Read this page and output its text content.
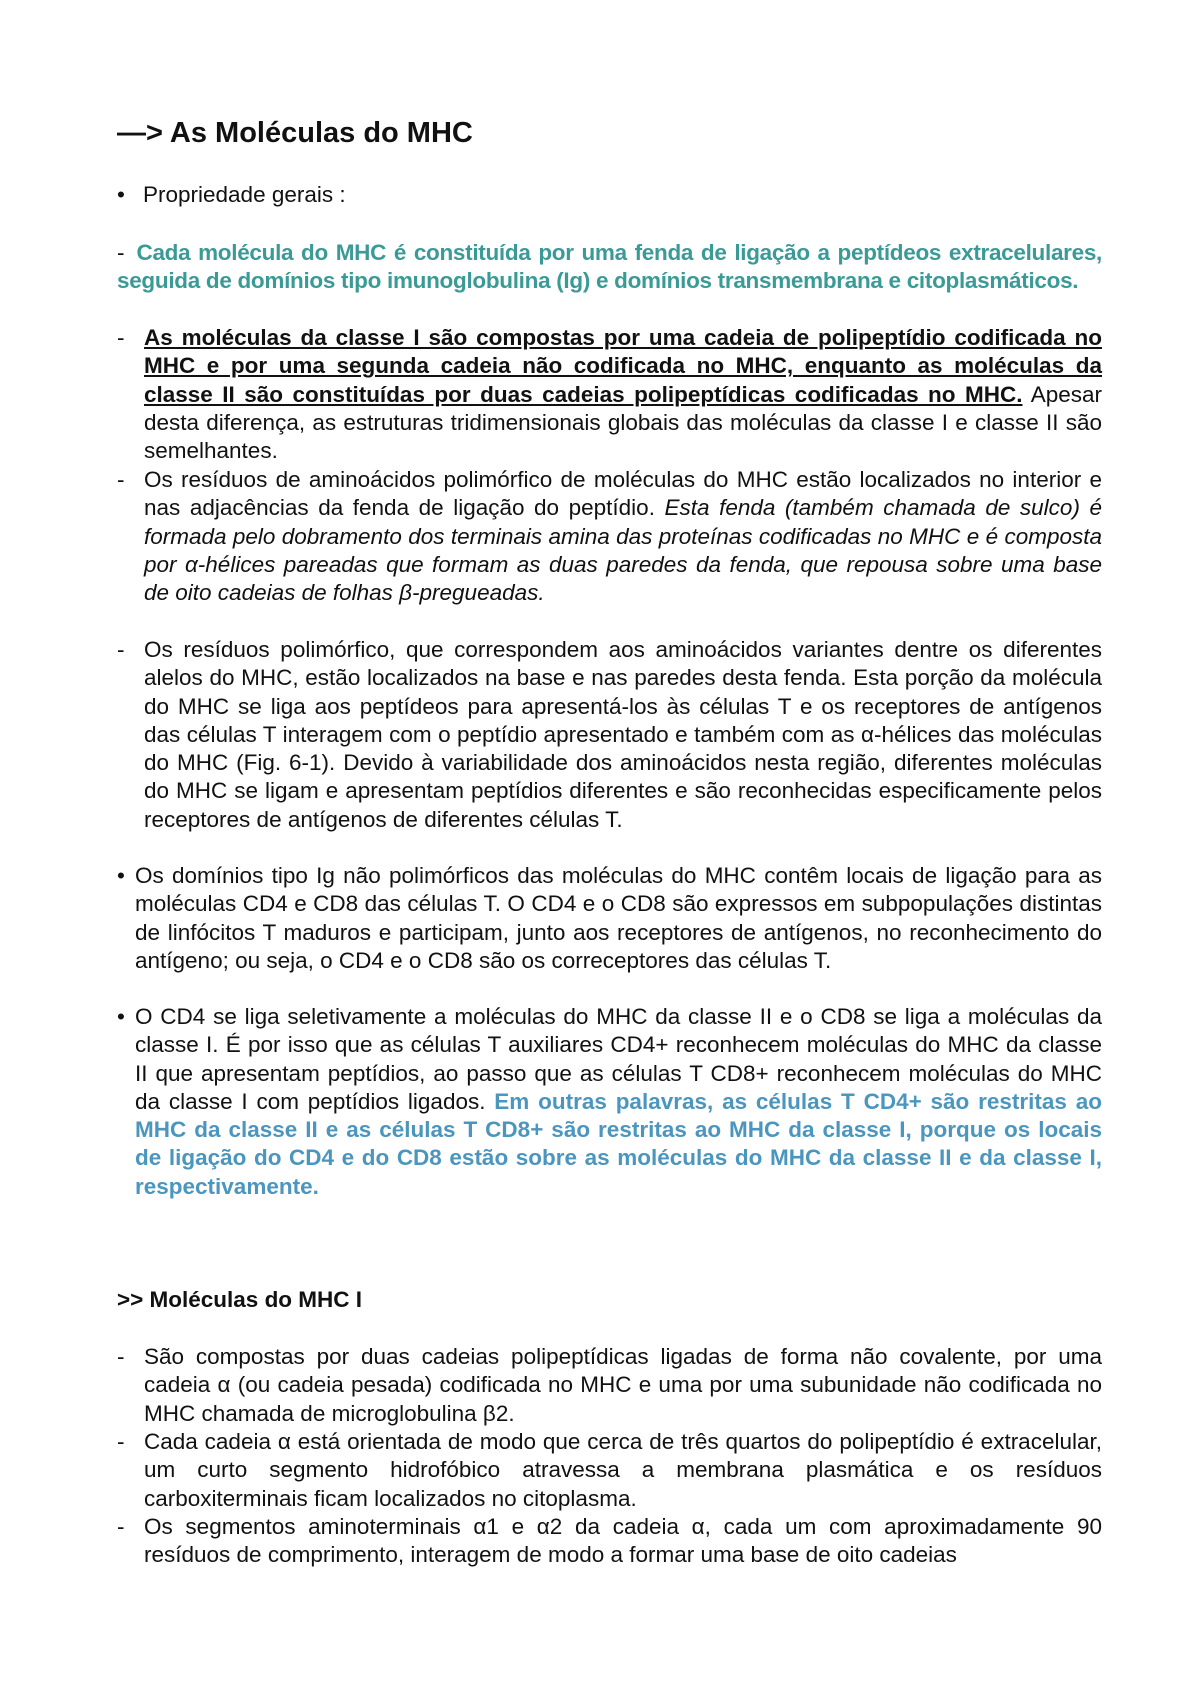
—> As Moléculas do MHC
• Propriedade gerais :
- Cada molécula do MHC é constituída por uma fenda de ligação a peptídeos extracelulares, seguida de domínios tipo imunoglobulina (Ig) e domínios transmembrana e citoplasmáticos.
- As moléculas da classe I são compostas por uma cadeia de polipeptídio codificada no MHC e por uma segunda cadeia não codificada no MHC, enquanto as moléculas da classe II são constituídas por duas cadeias polipeptídicas codificadas no MHC. Apesar desta diferença, as estruturas tridimensionais globais das moléculas da classe I e classe II são semelhantes.
- Os resíduos de aminoácidos polimórfico de moléculas do MHC estão localizados no interior e nas adjacências da fenda de ligação do peptídio. Esta fenda (também chamada de sulco) é formada pelo dobramento dos terminais amina das proteínas codificadas no MHC e é composta por α-hélices pareadas que formam as duas paredes da fenda, que repousa sobre uma base de oito cadeias de folhas β-pregueadas.
- Os resíduos polimórfico, que correspondem aos aminoácidos variantes dentre os diferentes alelos do MHC, estão localizados na base e nas paredes desta fenda. Esta porção da molécula do MHC se liga aos peptídeos para apresentá-los às células T e os receptores de antígenos das células T interagem com o peptídio apresentado e também com as α-hélices das moléculas do MHC (Fig. 6-1). Devido à variabilidade dos aminoácidos nesta região, diferentes moléculas do MHC se ligam e apresentam peptídios diferentes e são reconhecidas especificamente pelos receptores de antígenos de diferentes células T.
• Os domínios tipo Ig não polimórficos das moléculas do MHC contêm locais de ligação para as moléculas CD4 e CD8 das células T. O CD4 e o CD8 são expressos em subpopulações distintas de linfócitos T maduros e participam, junto aos receptores de antígenos, no reconhecimento do antígeno; ou seja, o CD4 e o CD8 são os correceptores das células T.
• O CD4 se liga seletivamente a moléculas do MHC da classe II e o CD8 se liga a moléculas da classe I. É por isso que as células T auxiliares CD4+ reconhecem moléculas do MHC da classe II que apresentam peptídios, ao passo que as células T CD8+ reconhecem moléculas do MHC da classe I com peptídios ligados. Em outras palavras, as células T CD4+ são restritas ao MHC da classe II e as células T CD8+ são restritas ao MHC da classe I, porque os locais de ligação do CD4 e do CD8 estão sobre as moléculas do MHC da classe II e da classe I, respectivamente.
>> Moléculas do MHC I
- São compostas por duas cadeias polipeptídicas ligadas de forma não covalente, por uma cadeia α (ou cadeia pesada) codificada no MHC e uma por uma subunidade não codificada no MHC chamada de microglobulina β2.
- Cada cadeia α está orientada de modo que cerca de três quartos do polipeptídio é extracelular, um curto segmento hidrofóbico atravessa a membrana plasmática e os resíduos carboxiterminais ficam localizados no citoplasma.
- Os segmentos aminoterminais α1 e α2 da cadeia α, cada um com aproximadamente 90 resíduos de comprimento, interagem de modo a formar uma base de oito cadeias
